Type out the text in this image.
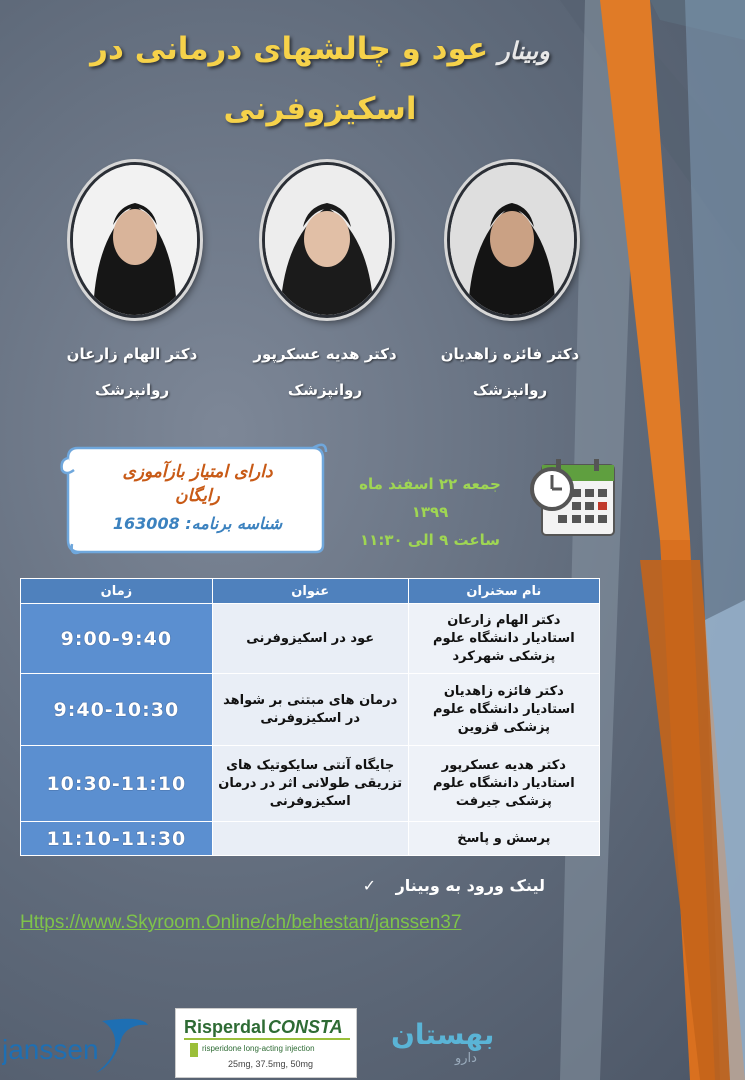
وبینارعود و چالشهای درمانی در
اسکیزوفرنی
دکتر الهام زارعان
روانپزشک
دکتر هدیه عسکرپور
روانپزشک
دکتر فائزه زاهدیان
روانپزشک
دارای امتیاز بازآموزی
رایگان
شناسه برنامه: 163008
جمعه ۲۲ اسفند ماه ۱۳۹۹
ساعت ۹ الی ۱۱:۳۰
نام سخنران	عنوان	زمان
دکتر الهام زارعان
استادیار دانشگاه علوم پزشکی شهرکرد	عود در اسکیزوفرنی	9:00-9:40
دکتر فائزه زاهدیان
استادیار دانشگاه علوم پزشکی قزوین	درمان های مبتنی بر شواهد در اسکیزوفرنی	9:40-10:30
دکتر هدیه عسکرپور
استادیار دانشگاه علوم پزشکی جیرفت	جایگاه آنتی سایکوتیک های تزریقی طولانی اثر در درمان اسکیزوفرنی	10:30-11:10
پرسش و پاسخ		11:10-11:30
لینک ورود به وبینار ✓
Https://www.Skyroom.Online/ch/behestan/janssen37
janssen
Risperdal CONSTA
risperidone long-acting injection
25mg, 37.5mg, 50mg
بهستان
دارو
